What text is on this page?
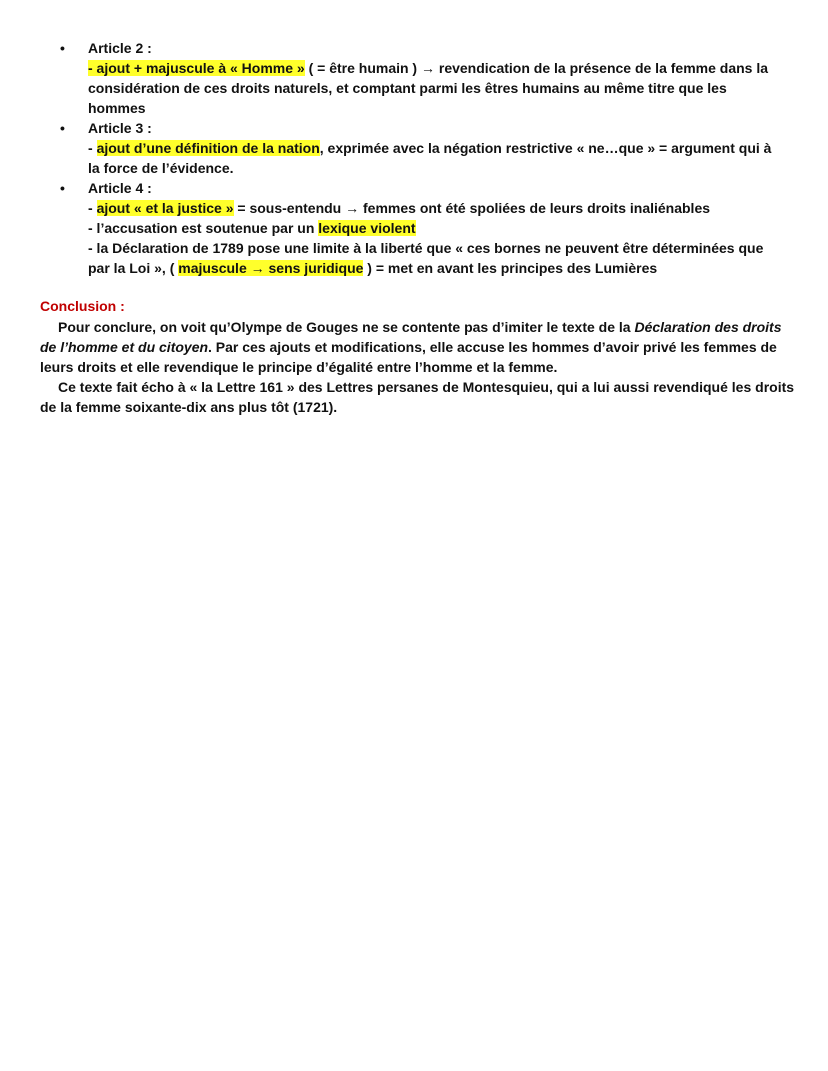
• Article 2 :
- ajout + majuscule à « Homme » ( = être humain ) → revendication de la présence de la femme dans la
considération de ces droits naturels, et comptant parmi les êtres humains au même titre que les
hommes
• Article 3 :
- ajout d’une définition de la nation, exprimée avec la négation restrictive « ne…que » = argument qui à
la force de l’évidence.
• Article 4 :
- ajout « et la justice » = sous-entendu → femmes ont été spoliées de leurs droits inaliénables
- l’accusation est soutenue par un lexique violent
- la Déclaration de 1789 pose une limite à la liberté que « ces bornes ne peuvent être déterminées que
par la Loi », ( majuscule → sens juridique ) = met en avant les principes des Lumières
Conclusion :
Pour conclure, on voit qu’Olympe de Gouges ne se contente pas d’imiter le texte de la Déclaration des droits de l’homme et du citoyen. Par ces ajouts et modifications, elle accuse les hommes d’avoir privé les femmes de leurs droits et elle revendique le principe d’égalité entre l’homme et la femme.
Ce texte fait écho à « la Lettre 161 » des Lettres persanes de Montesquieu, qui a lui aussi revendiqué les droits de la femme soixante-dix ans plus tôt (1721).
